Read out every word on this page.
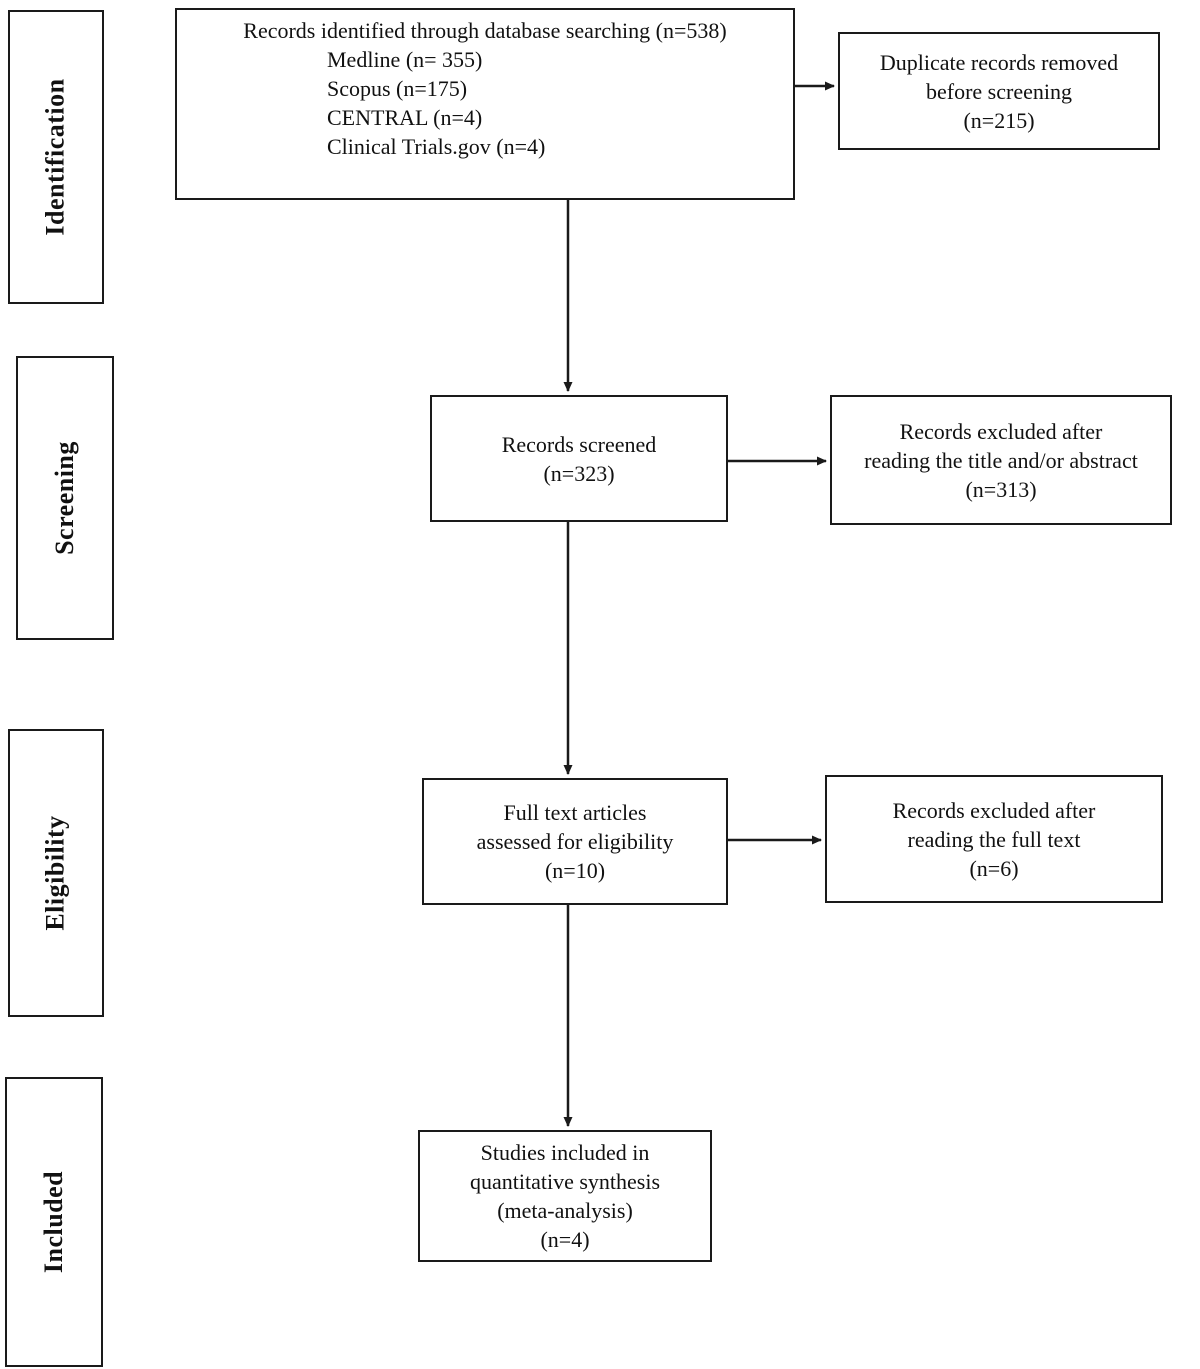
Identification
Screening
Eligibility
Included
Records identified through database searching (n=538)
Medline (n= 355)
Scopus (n=175)
CENTRAL (n=4)
Clinical Trials.gov (n=4)
Records screened
(n=323)
Full text articles
assessed for eligibility
(n=10)
Studies included in
quantitative synthesis
(meta-analysis)
(n=4)
Duplicate records removed
before screening
(n=215)
Records excluded after
reading the title and/or abstract
(n=313)
Records excluded after
reading the full text
(n=6)
